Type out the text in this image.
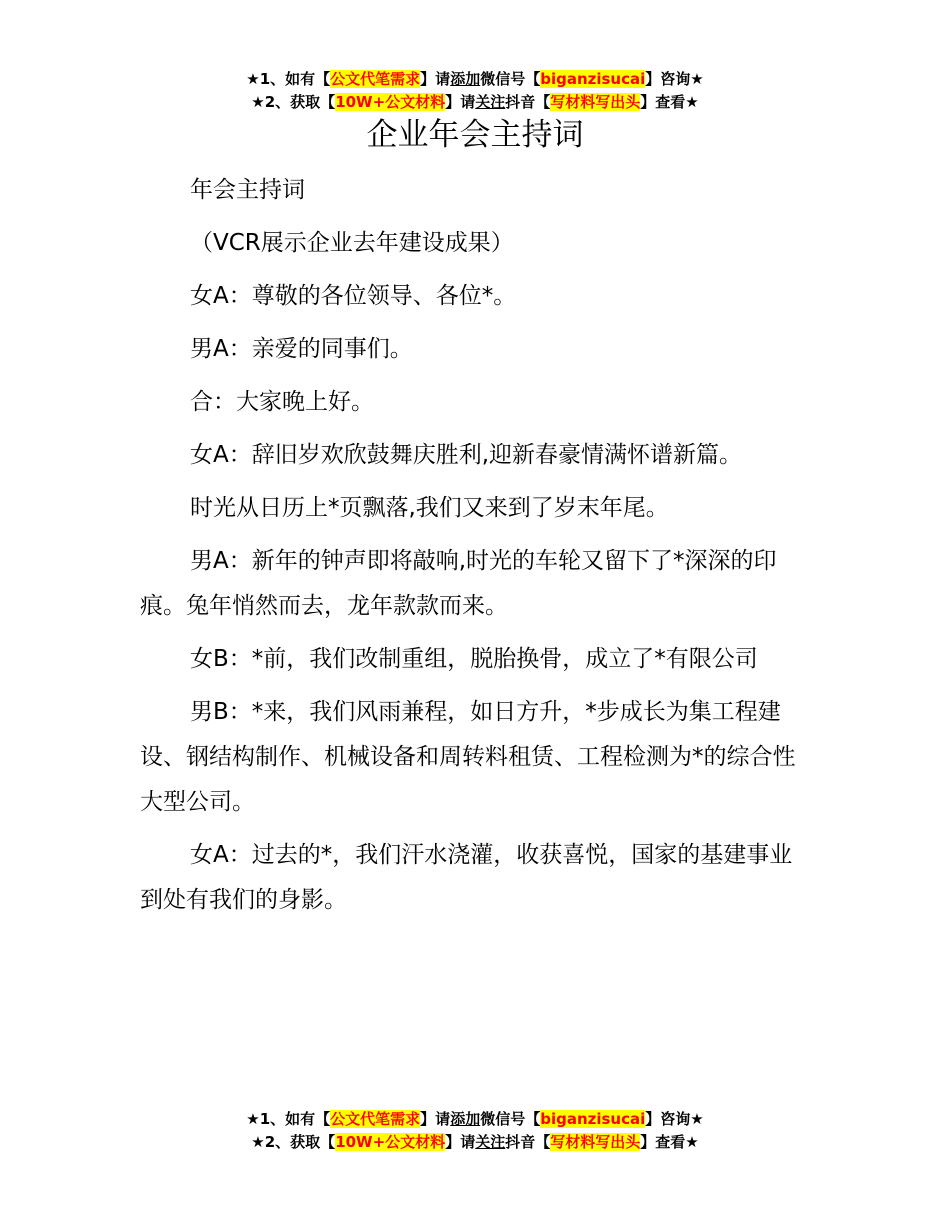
★1、如有【公文代笔需求】请添加微信号【biganzisucai】咨询★
★2、获取【10W+公文材料】请关注抖音【写材料写出头】查看★
企业年会主持词

年会主持词

（VCR展示企业去年建设成果）

女A：尊敬的各位领导、各位*。

男A：亲爱的同事们。

合：大家晚上好。

女A：辞旧岁欢欣鼓舞庆胜利,迎新春豪情满怀谱新篇。

时光从日历上*页飘落,我们又来到了岁末年尾。

男A：新年的钟声即将敲响,时光的车轮又留下了*深深的印痕。兔年悄然而去，龙年款款而来。

女B：*前，我们改制重组，脱胎换骨，成立了*有限公司

男B：*来，我们风雨兼程，如日方升，*步成长为集工程建设、钢结构制作、机械设备和周转料租赁、工程检测为*的综合性大型公司。

女A：过去的*，我们汗水浇灌，收获喜悦，国家的基建事业到处有我们的身影。

★1、如有【公文代笔需求】请添加微信号【biganzisucai】咨询★
★2、获取【10W+公文材料】请关注抖音【写材料写出头】查看★
